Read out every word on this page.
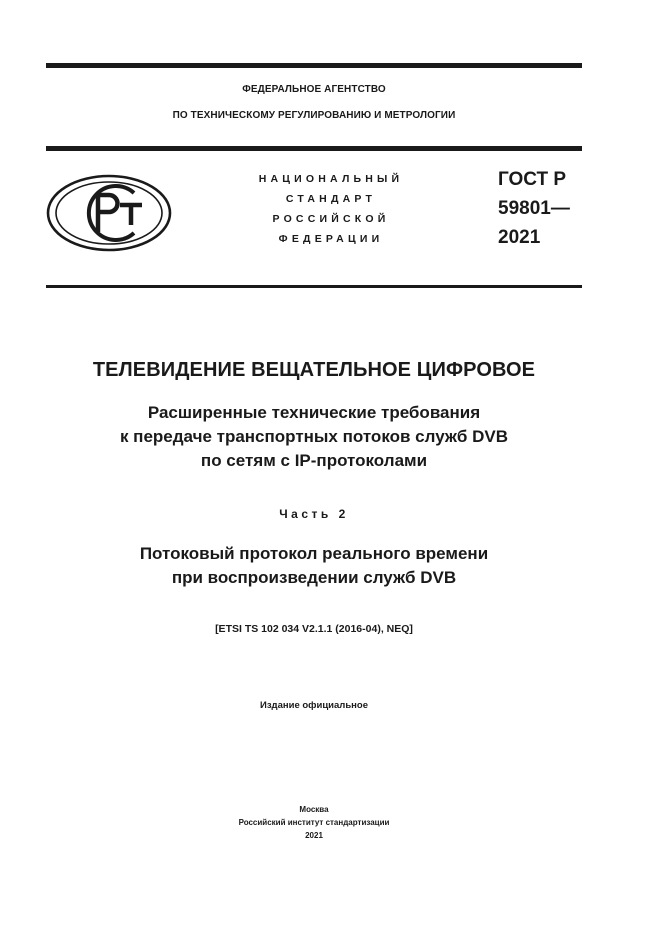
ФЕДЕРАЛЬНОЕ АГЕНТСТВО
ПО ТЕХНИЧЕСКОМУ РЕГУЛИРОВАНИЮ И МЕТРОЛОГИИ
НАЦИОНАЛЬНЫЙ
СТАНДАРТ
РОССИЙСКОЙ
ФЕДЕРАЦИИ
ГОСТ Р
59801—
2021
ТЕЛЕВИДЕНИЕ ВЕЩАТЕЛЬНОЕ ЦИФРОВОЕ
Расширенные технические требования
к передаче транспортных потоков служб DVB
по сетям с IP-протоколами
Часть 2
Потоковый протокол реального времени
при воспроизведении служб DVB
[ETSI TS 102 034 V2.1.1 (2016-04), NEQ]
Издание официальное
Москва
Российский институт стандартизации
2021
